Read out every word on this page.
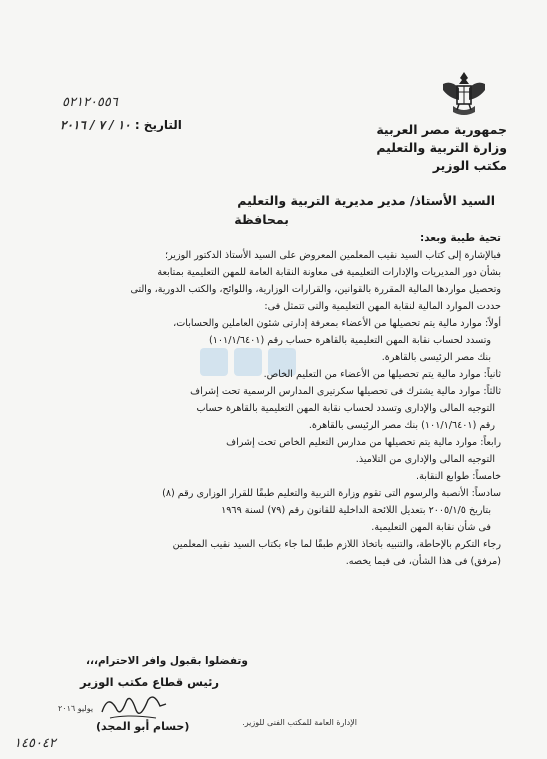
جمهورية مصر العربية
وزارة التربية والتعليم
مكتب الوزير
٥٢١٢٠٥٥٦
التاريخ : ١٠ / ٧ / ٢٠١٦
السيد الأستاذ/ مدير مديرية التربية والتعليم
بمحافظة

تحية طيبة وبعد:

فبالإشارة إلى كتاب السيد نقيب المعلمين المعروض على السيد الأستاذ الدكتور الوزير؛

بشأن دور المديريات والإدارات التعليمية فى معاونة النقابة العامة للمهن التعليمية بمتابعة

وتحصيل مواردها المالية المقررة بالقوانين، والقرارات الوزارية، واللوائح، والكتب الدورية، والتى

حددت الموارد المالية لنقابة المهن التعليمية والتى تتمثل فى:

أولاً: موارد مالية يتم تحصيلها من الأعضاء بمعرفة إدارتى شئون العاملين والحسابات،

وتسدد لحساب نقابة المهن التعليمية بالقاهرة حساب رقم (١٠١/١/٦٤٠١)

بنك مصر الرئيسى بالقاهرة.

ثانياً: موارد مالية يتم تحصيلها من الأعضاء من التعليم الخاص.

ثالثاً: موارد مالية يشترك فى تحصيلها سكرتيرى المدارس الرسمية تحت إشراف

التوجيه المالى والإدارى وتسدد لحساب نقابة المهن التعليمية بالقاهرة حساب

رقم (١٠١/١/٦٤٠١) بنك مصر الرئيسى بالقاهرة.

رابعاً: موارد مالية يتم تحصيلها من مدارس التعليم الخاص تحت إشراف

التوجيه المالى والإدارى من التلاميذ.

خامساً: طوابع النقابة.

سادساً: الأنصبة والرسوم التى تقوم وزارة التربية والتعليم طبقًا للقرار الوزارى رقم (٨)

بتاريخ ٢٠٠٥/١/٥ بتعديل اللائحة الداخلية للقانون رقم (٧٩) لسنة ١٩٦٩

فى شأن نقابة المهن التعليمية.

رجاء التكرم بالإحاطة، والتنبيه باتخاذ اللازم طبقًا لما جاء بكتاب السيد نقيب المعلمين

(مرفق) فى هذا الشأن، فى فيما يخصه.

وتفضلوا بقبول وافر الاحترام،،،
رئيس قطاع مكتب الوزير
(حسام أبو المجد)	الإدارة العامة للمكتب الفنى للوزير.
يوليو ٢٠١٦
١٤٥٠٤٢
